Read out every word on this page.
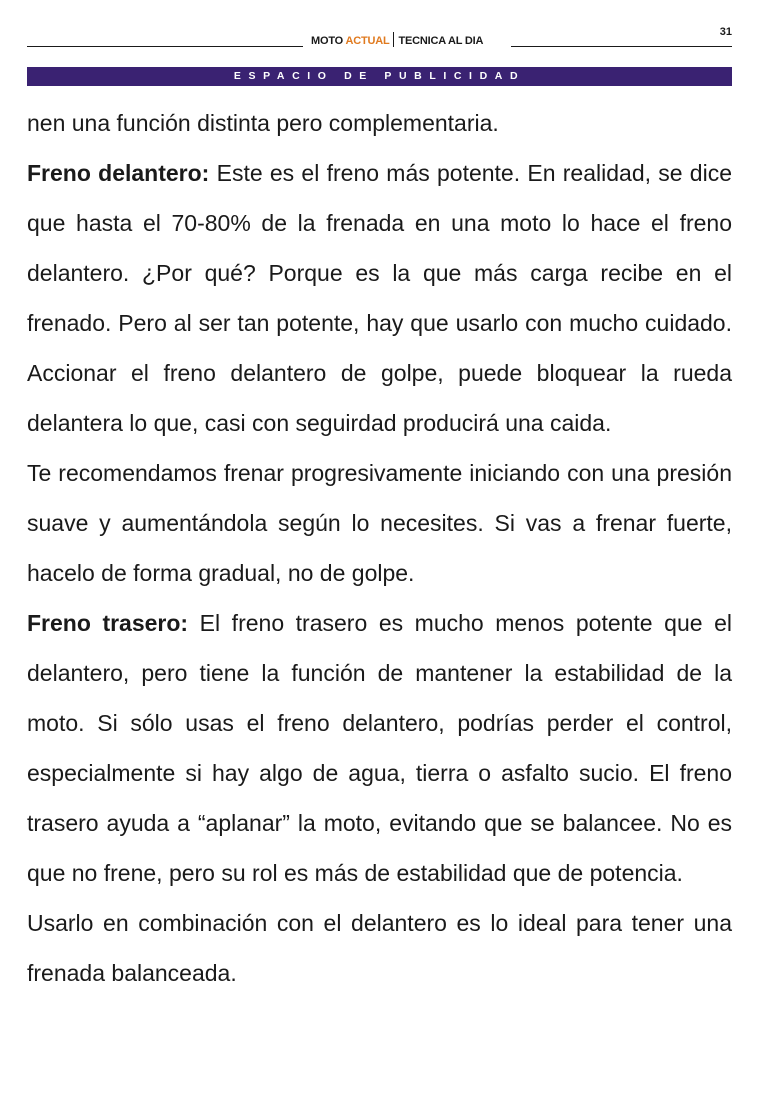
MOTO ACTUAL TECNICA AL DIA
31
ESPACIO DE PUBLICIDAD

nen una función distinta pero complementaria.

Freno delantero: Este es el freno más potente. En realidad, se dice que hasta el 70-80% de la frenada en una moto lo hace el freno delantero. ¿Por qué? Porque es la que más carga recibe en el frenado. Pero al ser tan potente, hay que usarlo con mucho cuidado. Accionar el freno delantero de golpe, puede bloquear la rueda delantera lo que, casi con seguirdad producirá una caida.

Te recomendamos frenar progresivamente iniciando con una presión suave y aumentándola según lo necesites. Si vas a frenar fuerte, hacelo de forma gradual, no de golpe.

Freno trasero: El freno trasero es mucho menos potente que el delantero, pero tiene la función de mantener la estabilidad de la moto. Si sólo usas el freno delantero, podrías perder el control, especialmente si hay algo de agua, tierra o asfalto sucio. El freno trasero ayuda a “aplanar” la moto, evitando que se balancee. No es que no frene, pero su rol es más de estabilidad que de potencia.

Usarlo en combinación con el delantero es lo ideal para tener una frenada balanceada.
